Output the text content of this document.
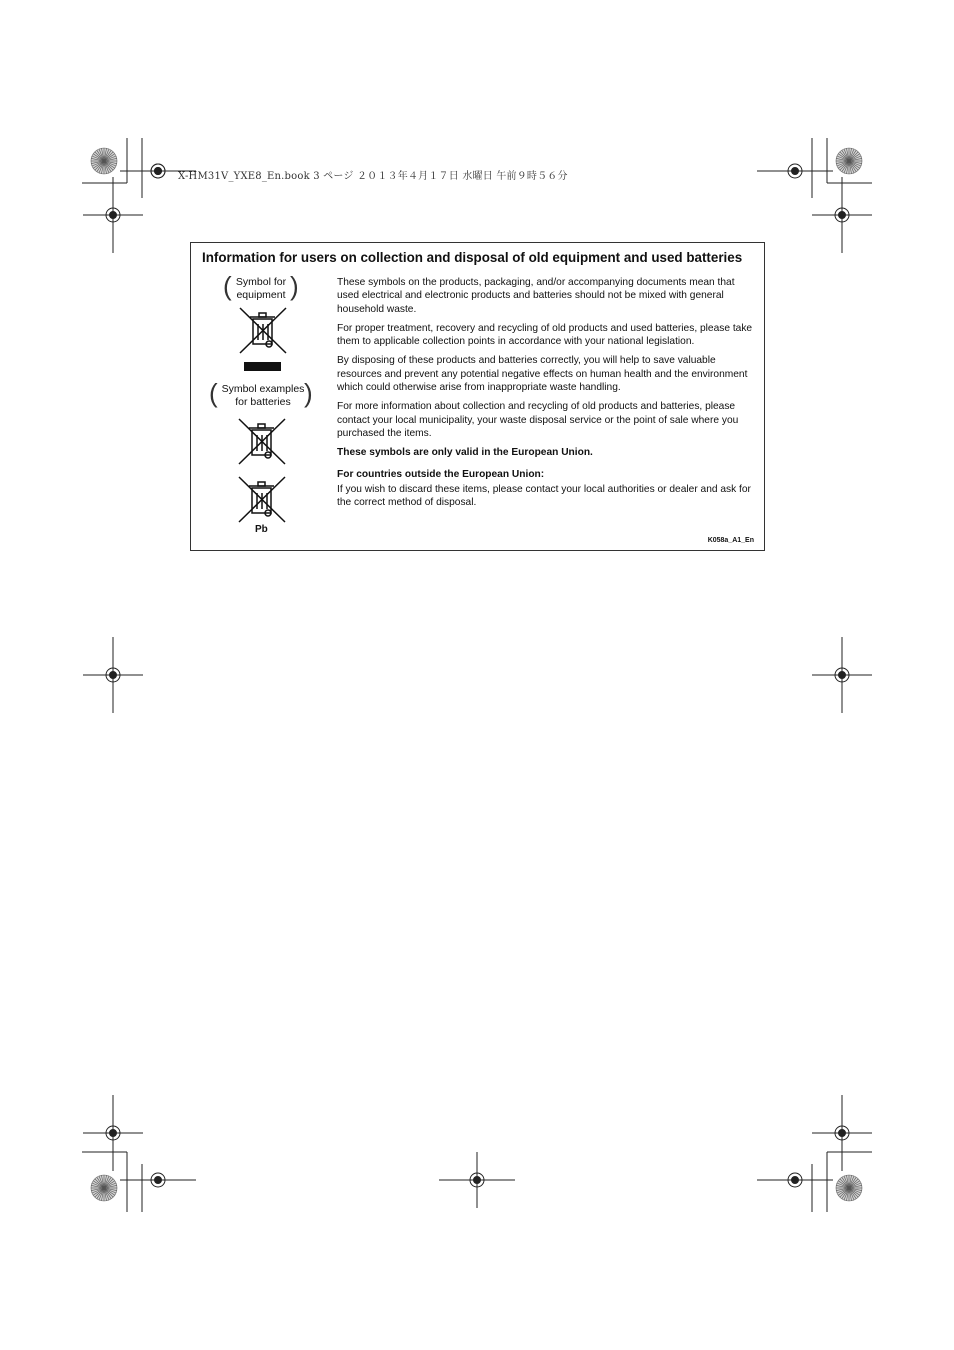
X-HM31V_YXE8_En.book 3 ページ ２０１３年４月１７日 水曜日 午前９時５６分
Information for users on collection and disposal of old equipment and used batteries
( Symbol for
equipment )
( Symbol examples
for batteries )
Pb

These symbols on the products, packaging, and/or accompanying documents mean that used electrical and electronic products and batteries should not be mixed with general household waste.

For proper treatment, recovery and recycling of old products and used batteries, please take them to applicable collection points in accordance with your national legislation.

By disposing of these products and batteries correctly, you will help to save valuable resources and prevent any potential negative effects on human health and the environment which could otherwise arise from inappropriate waste handling.

For more information about collection and recycling of old products and batteries, please contact your local municipality, your waste disposal service or the point of sale where you purchased the items.

These symbols are only valid in the European Union.

For countries outside the European Union:

If you wish to discard these items, please contact your local authorities or dealer and ask for the correct method of disposal.

K058a_A1_En
